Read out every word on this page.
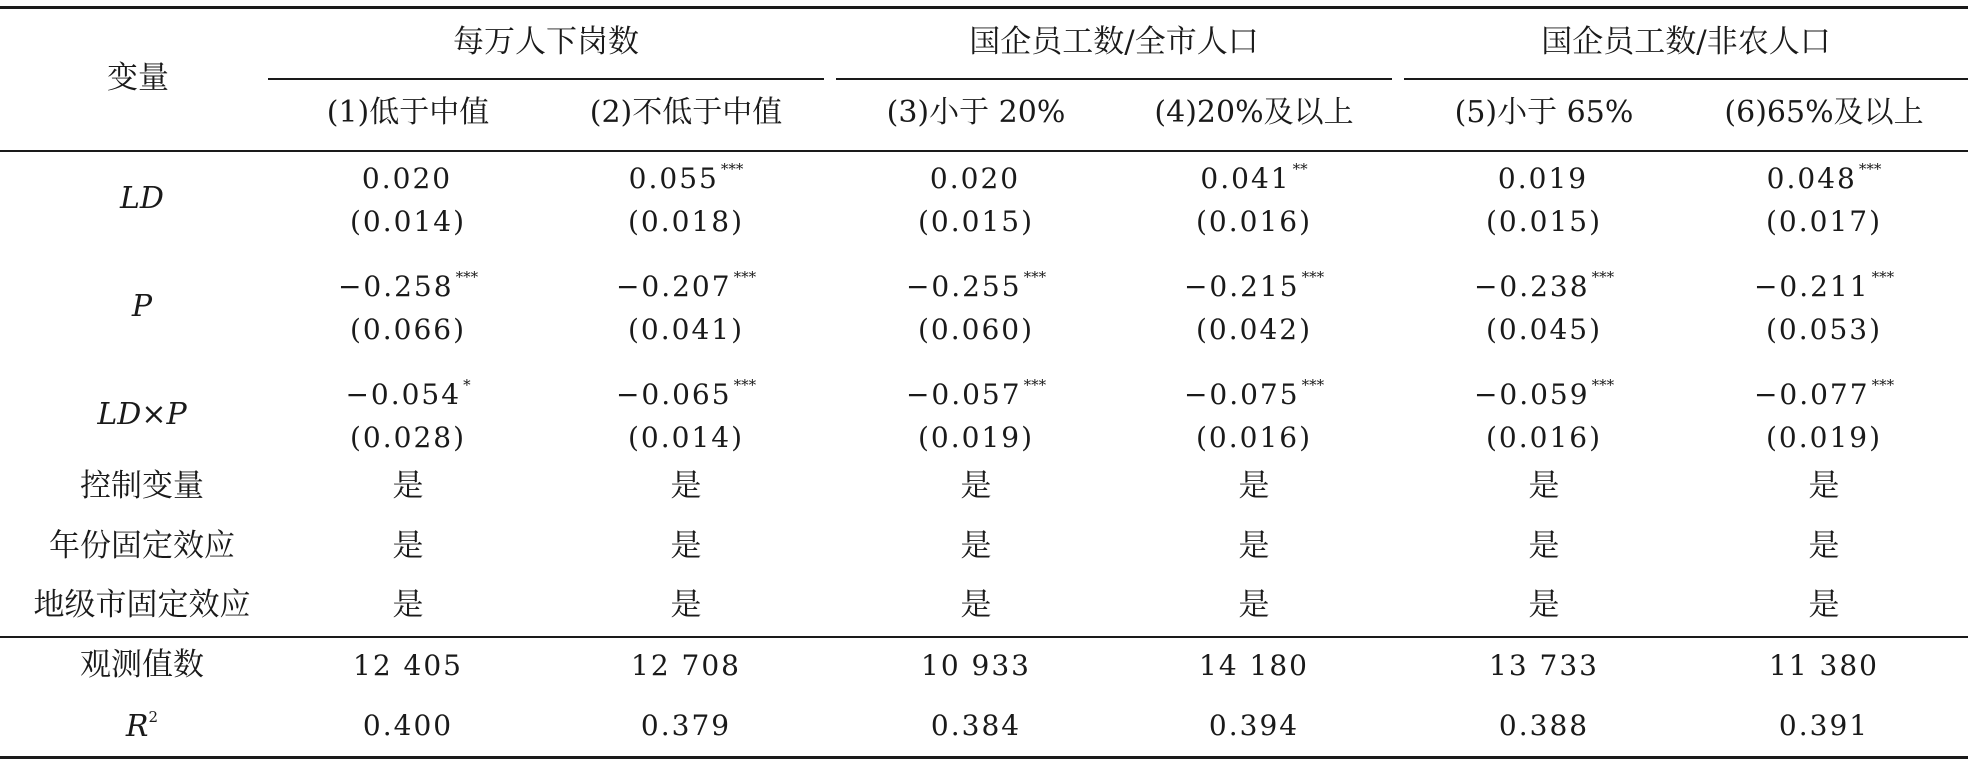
变量
每万人下岗数	国企员工数/全市人口	国企员工数/非农人口
(1)低于中值	(2)不低于中值	(3)小于 20%	(4)20%及以上	(5)小于 65%	(6)65%及以上
LD
0.020	0.055 ***	0.020	0.041 **	0.019	0.048 ***
(0.014)	(0.018)	(0.015)	(0.016)	(0.015)	(0.017)
P
−0.258 ***	−0.207 ***	−0.255 ***	−0.215 ***	−0.238 ***	−0.211 ***
(0.066)	(0.041)	(0.060)	(0.042)	(0.045)	(0.053)
LD×P
−0.054 *	−0.065 ***	−0.057 ***	−0.075 ***	−0.059 ***	−0.077 ***
(0.028)	(0.014)	(0.019)	(0.016)	(0.016)	(0.019)
控制变量	是	是	是	是	是	是
年份固定效应	是	是	是	是	是	是
地级市固定效应	是	是	是	是	是	是
观测值数	12 405	12 708	10 933	14 180	13 733	11 380
$R^2$	0.400	0.379	0.384	0.394	0.388	0.391
